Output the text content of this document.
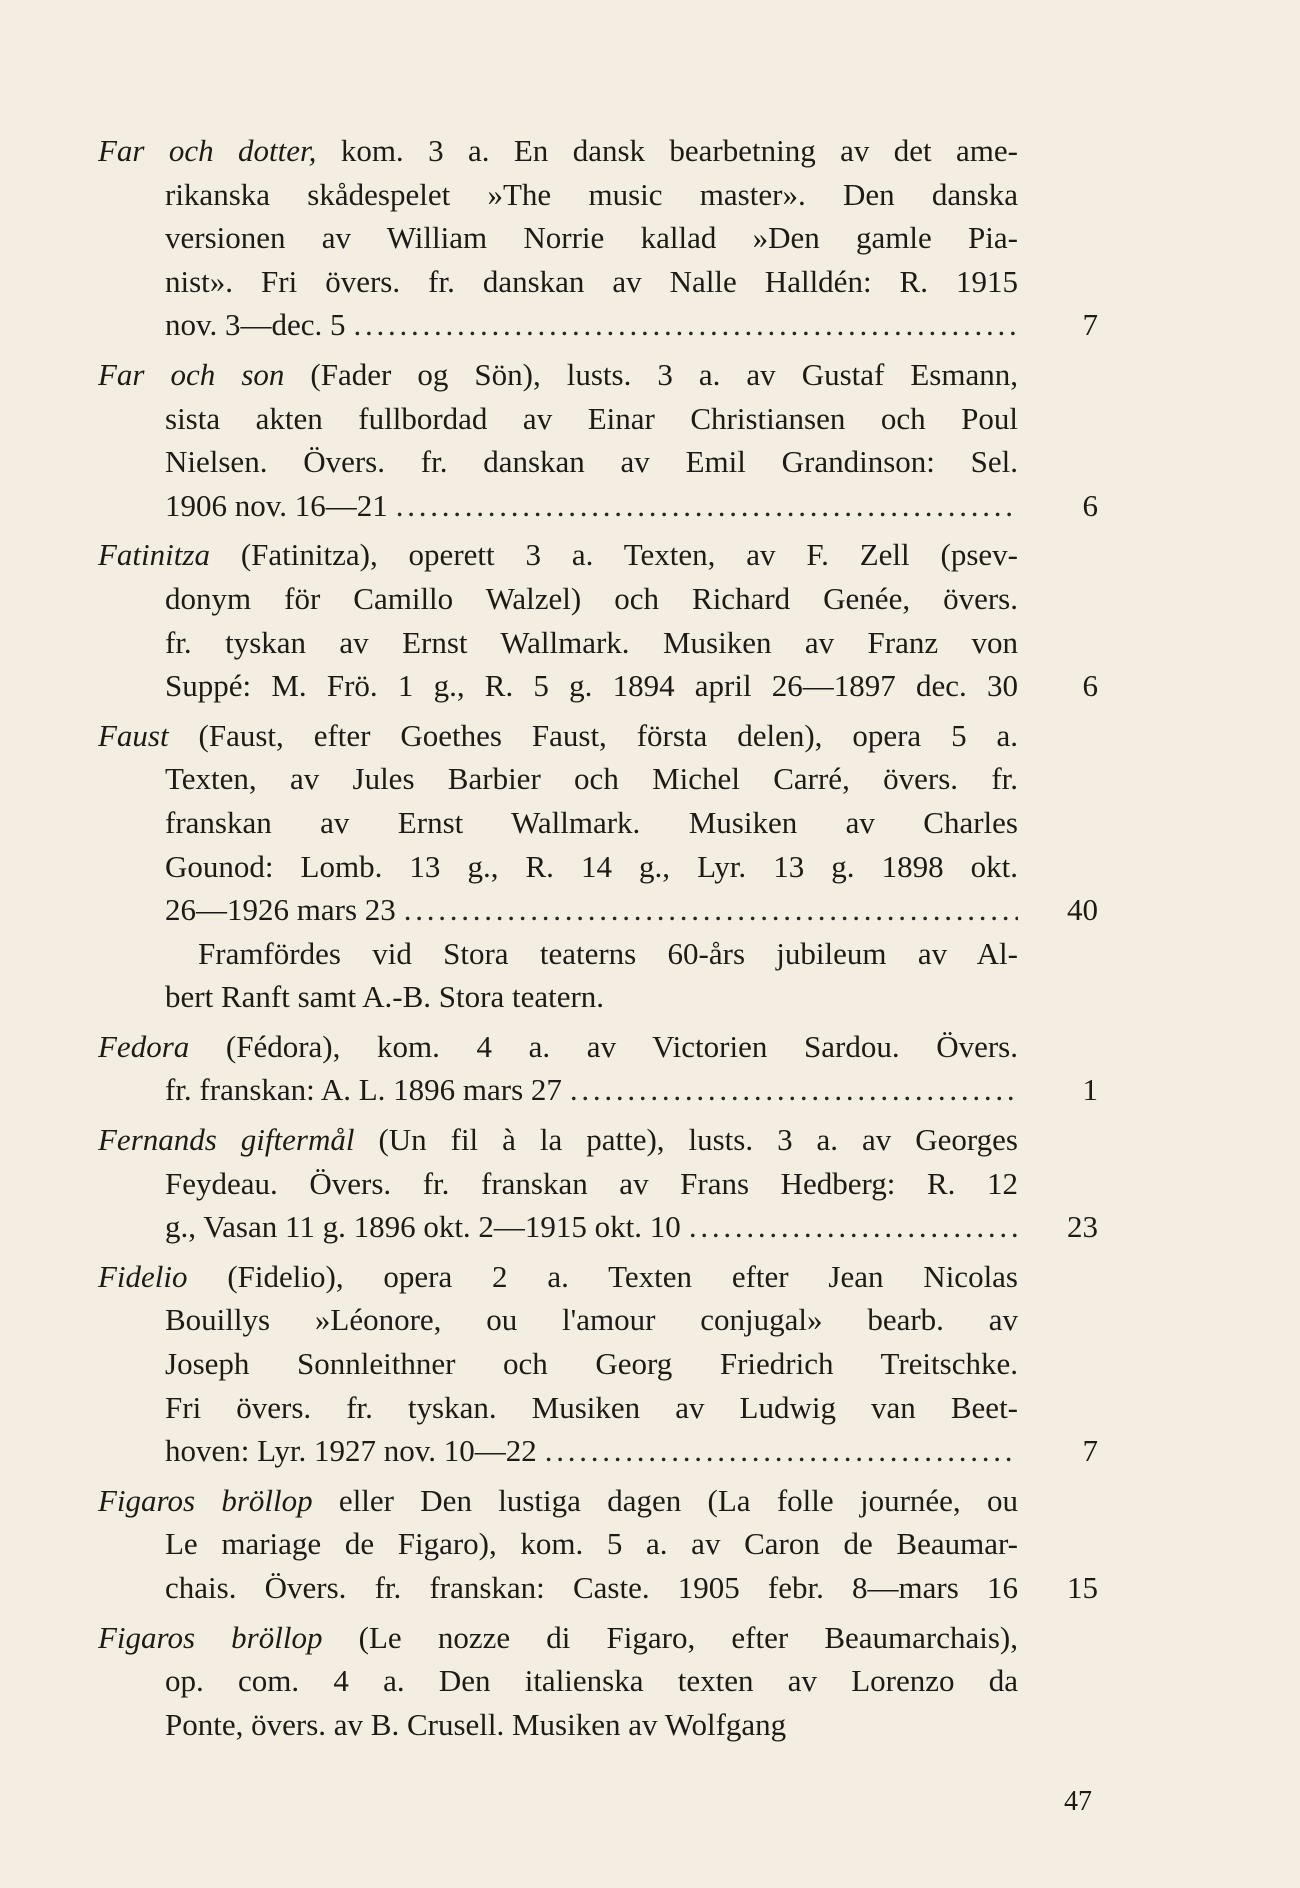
Far och dotter, kom. 3 a. En dansk bearbetning av det ame-
rikanska skådespelet »The music master». Den danska
versionen av William Norrie kallad »Den gamle Pia-
nist». Fri övers. fr. danskan av Nalle Halldén: R. 1915
nov. 3—dec. 5 . . .	7
Far och son (Fader og Sön), lusts. 3 a. av Gustaf Esmann,
sista akten fullbordad av Einar Christiansen och Poul
Nielsen. Övers. fr. danskan av Emil Grandinson: Sel.
1906 nov. 16—21 . . .	6
Fatinitza (Fatinitza), operett 3 a. Texten, av F. Zell (psev-
donym för Camillo Walzel) och Richard Genée, övers.
fr. tyskan av Ernst Wallmark. Musiken av Franz von
Suppé: M. Frö. 1 g., R. 5 g. 1894 april 26—1897 dec. 30	6
Faust (Faust, efter Goethes Faust, första delen), opera 5 a.
Texten, av Jules Barbier och Michel Carré, övers. fr.
franskan av Ernst Wallmark. Musiken av Charles
Gounod: Lomb. 13 g., R. 14 g., Lyr. 13 g. 1898 okt.
26—1926 mars 23 . . .	40
Framfördes vid Stora teaterns 60-års jubileum av Al-
bert Ranft samt A.-B. Stora teatern.
Fedora (Fédora), kom. 4 a. av Victorien Sardou. Övers.
fr. franskan: A. L. 1896 mars 27 . . .	1
Fernands giftermål (Un fil à la patte), lusts. 3 a. av Georges
Feydeau. Övers. fr. franskan av Frans Hedberg: R. 12
g., Vasan 11 g. 1896 okt. 2—1915 okt. 10 . . .	23
Fidelio (Fidelio), opera 2 a. Texten efter Jean Nicolas
Bouillys »Léonore, ou l'amour conjugal» bearb. av
Joseph Sonnleithner och Georg Friedrich Treitschke.
Fri övers. fr. tyskan. Musiken av Ludwig van Beet-
hoven: Lyr. 1927 nov. 10—22 . . .	7
Figaros bröllop eller Den lustiga dagen (La folle journée, ou
Le mariage de Figaro), kom. 5 a. av Caron de Beaumar-
chais. Övers. fr. franskan: Caste. 1905 febr. 8—mars 16	15
Figaros bröllop (Le nozze di Figaro, efter Beaumarchais),
op. com. 4 a. Den italienska texten av Lorenzo da
Ponte, övers. av B. Crusell. Musiken av Wolfgang
47
